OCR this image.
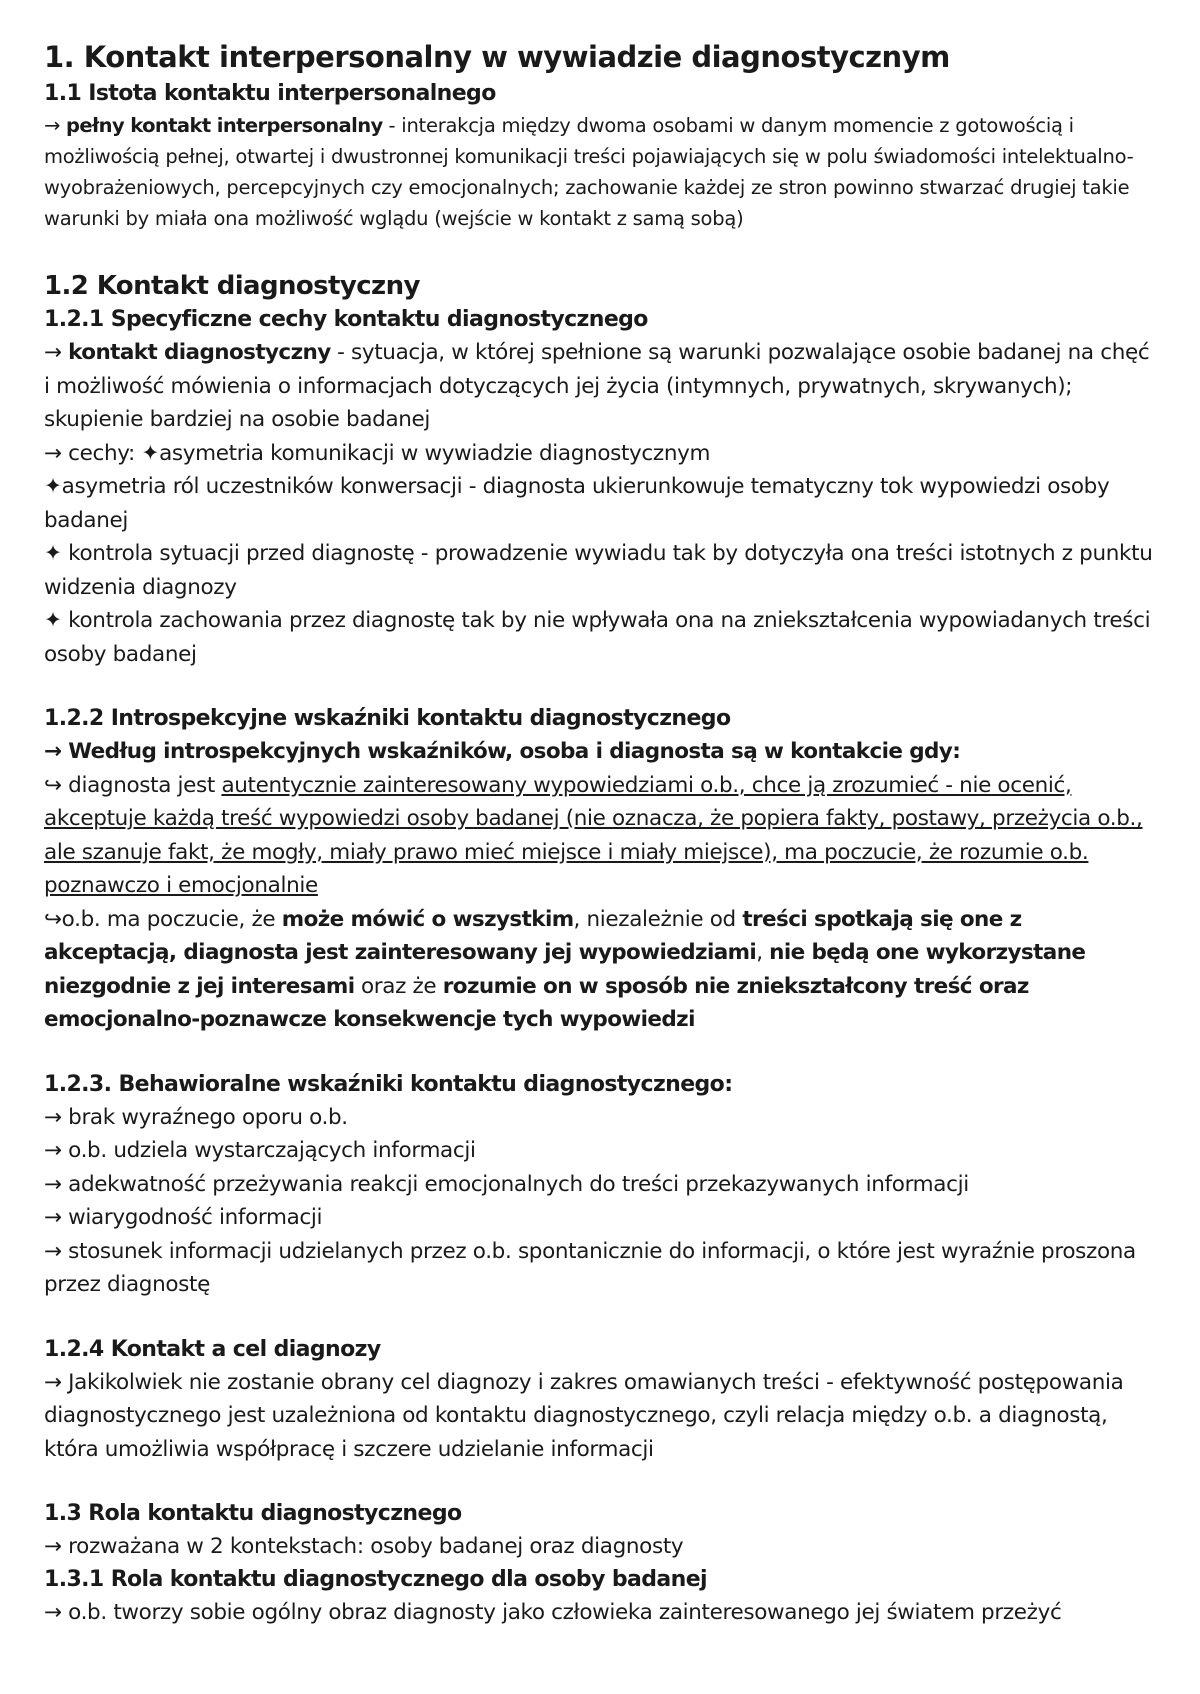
1. Kontakt interpersonalny w wywiadzie diagnostycznym
1.1 Istota kontaktu interpersonalnego

→ pełny kontakt interpersonalny - interakcja między dwoma osobami w danym momencie z gotowością i możliwością pełnej, otwartej i dwustronnej komunikacji treści pojawiających się w polu świadomości intelektualno-wyobrażeniowych, percepcyjnych czy emocjonalnych; zachowanie każdej ze stron powinno stwarzać drugiej takie warunki by miała ona możliwość wglądu (wejście w kontakt z samą sobą)

1.2 Kontakt diagnostyczny
1.2.1 Specyficzne cechy kontaktu diagnostycznego

→ kontakt diagnostyczny - sytuacja, w której spełnione są warunki pozwalające osobie badanej na chęć i możliwość mówienia o informacjach dotyczących jej życia (intymnych, prywatnych, skrywanych); skupienie bardziej na osobie badanej

→ cechy: ✦asymetria komunikacji w wywiadzie diagnostycznym

✦asymetria ról uczestników konwersacji - diagnosta ukierunkowuje tematyczny tok wypowiedzi osoby badanej

✦ kontrola sytuacji przed diagnostę - prowadzenie wywiadu tak by dotyczyła ona treści istotnych z punktu widzenia diagnozy

✦ kontrola zachowania przez diagnostę tak by nie wpływała ona na zniekształcenia wypowiadanych treści osoby badanej

1.2.2 Introspekcyjne wskaźniki kontaktu diagnostycznego

→ Według introspekcyjnych wskaźników, osoba i diagnosta są w kontakcie gdy:

↪ diagnosta jest autentycznie zainteresowany wypowiedziami o.b., chce ją zrozumieć - nie ocenić, akceptuje każdą treść wypowiedzi osoby badanej (nie oznacza, że popiera fakty, postawy, przeżycia o.b., ale szanuje fakt, że mogły, miały prawo mieć miejsce i miały miejsce), ma poczucie, że rozumie o.b. poznawczo i emocjonalnie

↪o.b. ma poczucie, że może mówić o wszystkim, niezależnie od treści spotkają się one z akceptacją, diagnosta jest zainteresowany jej wypowiedziami, nie będą one wykorzystane niezgodnie z jej interesami oraz że rozumie on w sposób nie zniekształcony treść oraz emocjonalno-poznawcze konsekwencje tych wypowiedzi

1.2.3. Behawioralne wskaźniki kontaktu diagnostycznego:

→ brak wyraźnego oporu o.b.

→ o.b. udziela wystarczających informacji

→ adekwatność przeżywania reakcji emocjonalnych do treści przekazywanych informacji

→ wiarygodność informacji

→ stosunek informacji udzielanych przez o.b. spontanicznie do informacji, o które jest wyraźnie proszona przez diagnostę

1.2.4 Kontakt a cel diagnozy

→ Jakikolwiek nie zostanie obrany cel diagnozy i zakres omawianych treści - efektywność postępowania diagnostycznego jest uzależniona od kontaktu diagnostycznego, czyli relacja między o.b. a diagnostą, która umożliwia współpracę i szczere udzielanie informacji

1.3 Rola kontaktu diagnostycznego

→ rozważana w 2 kontekstach: osoby badanej oraz diagnosty

1.3.1 Rola kontaktu diagnostycznego dla osoby badanej

→ o.b. tworzy sobie ogólny obraz diagnosty jako człowieka zainteresowanego jej światem przeżyć
